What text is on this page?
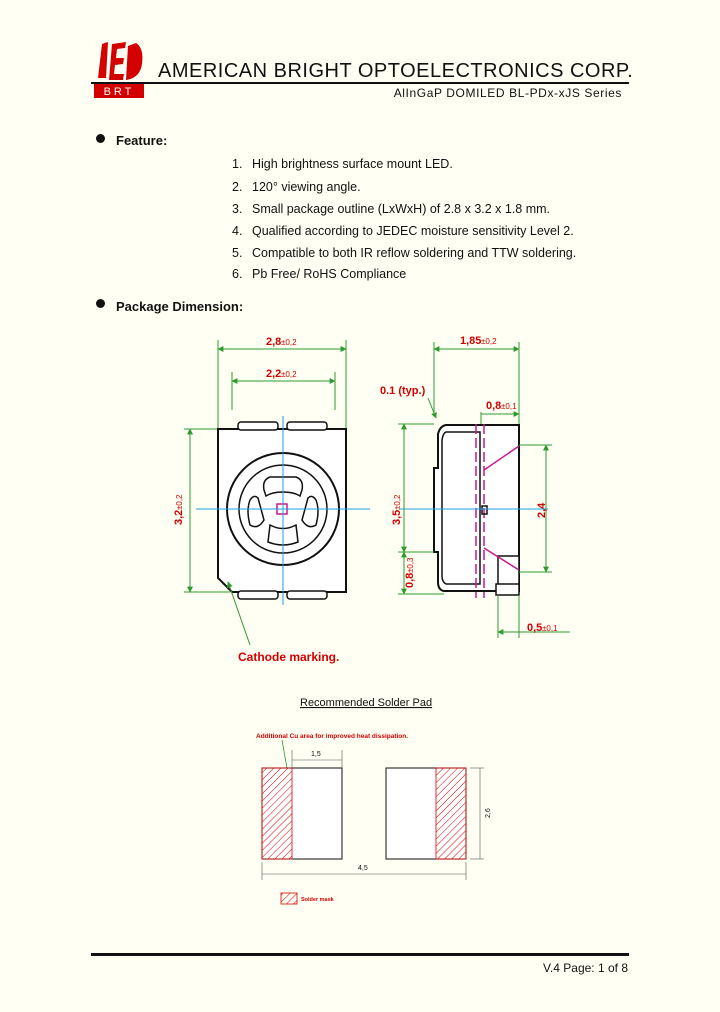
BRT
AMERICAN BRIGHT OPTOELECTRONICS CORP.
AlInGaP DOMILED BL-PDx-xJS Series
Feature:
1. High brightness surface mount LED.
2. 120° viewing angle.
3. Small package outline (LxWxH) of 2.8 x 3.2 x 1.8 mm.
4. Qualified according to JEDEC moisture sensitivity Level 2.
5. Compatible to both IR reflow soldering and TTW soldering.
6. Pb Free/ RoHS Compliance
Package Dimension:
2,8 ±0,2
2,2 ±0,2
3,2
±0,2
Cathode marking.
1,85 ±0,2
0.1 (typ.)
0,8 ±0,1
3,5
±0,2
0,8
±0,3
2,4
0,5 ±0,1
Recommended Solder Pad
Additional Cu area for improved heat dissipation.
1,5
2,6
4,5
Solder mask
V.4 Page: 1 of 8
